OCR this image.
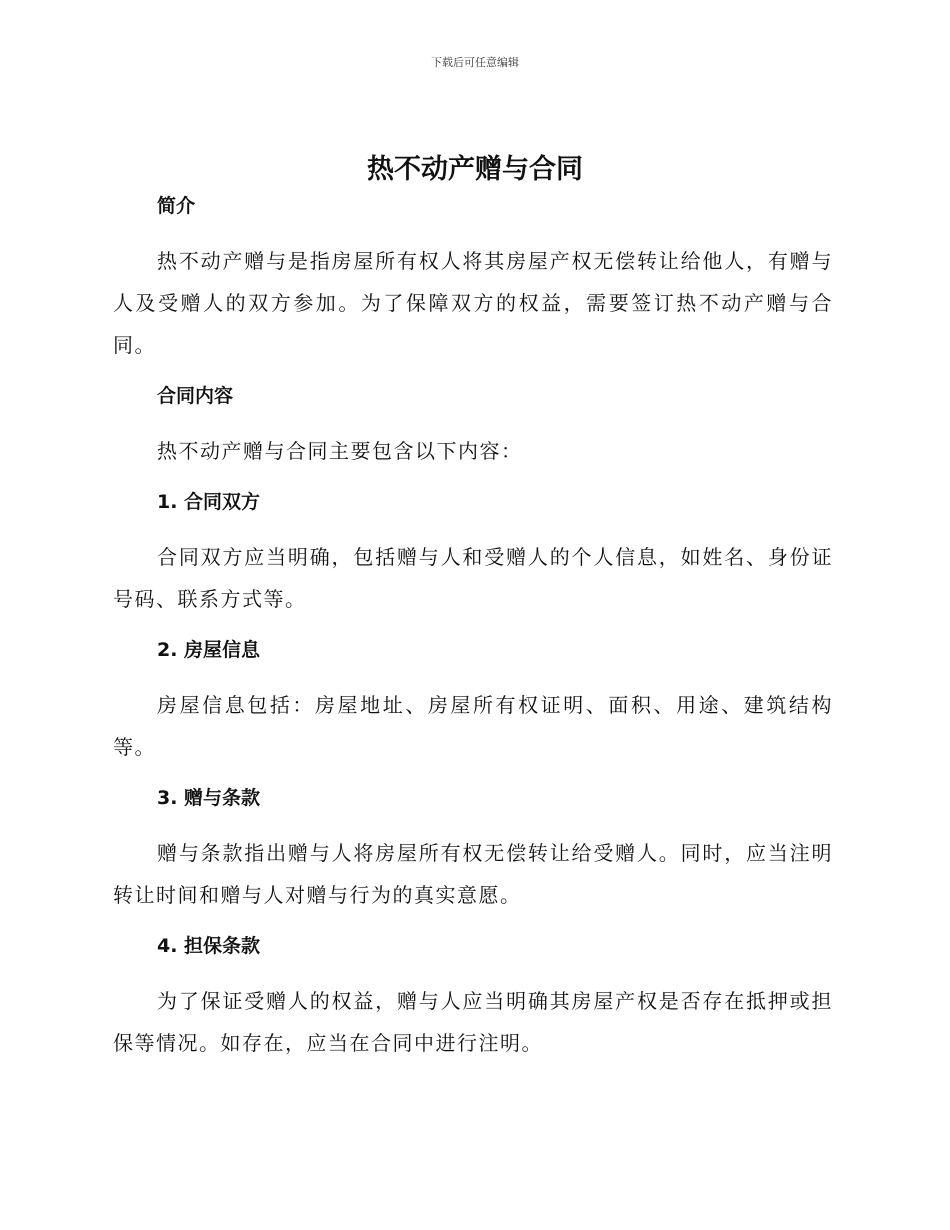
下载后可任意编辑
热不动产赠与合同
简介

热不动产赠与是指房屋所有权人将其房屋产权无偿转让给他人，有赠与人及受赠人的双方参加。为了保障双方的权益，需要签订热不动产赠与合同。

合同内容

热不动产赠与合同主要包含以下内容：

1. 合同双方

合同双方应当明确，包括赠与人和受赠人的个人信息，如姓名、身份证号码、联系方式等。

2. 房屋信息

房屋信息包括：房屋地址、房屋所有权证明、面积、用途、建筑结构等。

3. 赠与条款

赠与条款指出赠与人将房屋所有权无偿转让给受赠人。同时，应当注明转让时间和赠与人对赠与行为的真实意愿。

4. 担保条款

为了保证受赠人的权益，赠与人应当明确其房屋产权是否存在抵押或担保等情况。如存在，应当在合同中进行注明。
